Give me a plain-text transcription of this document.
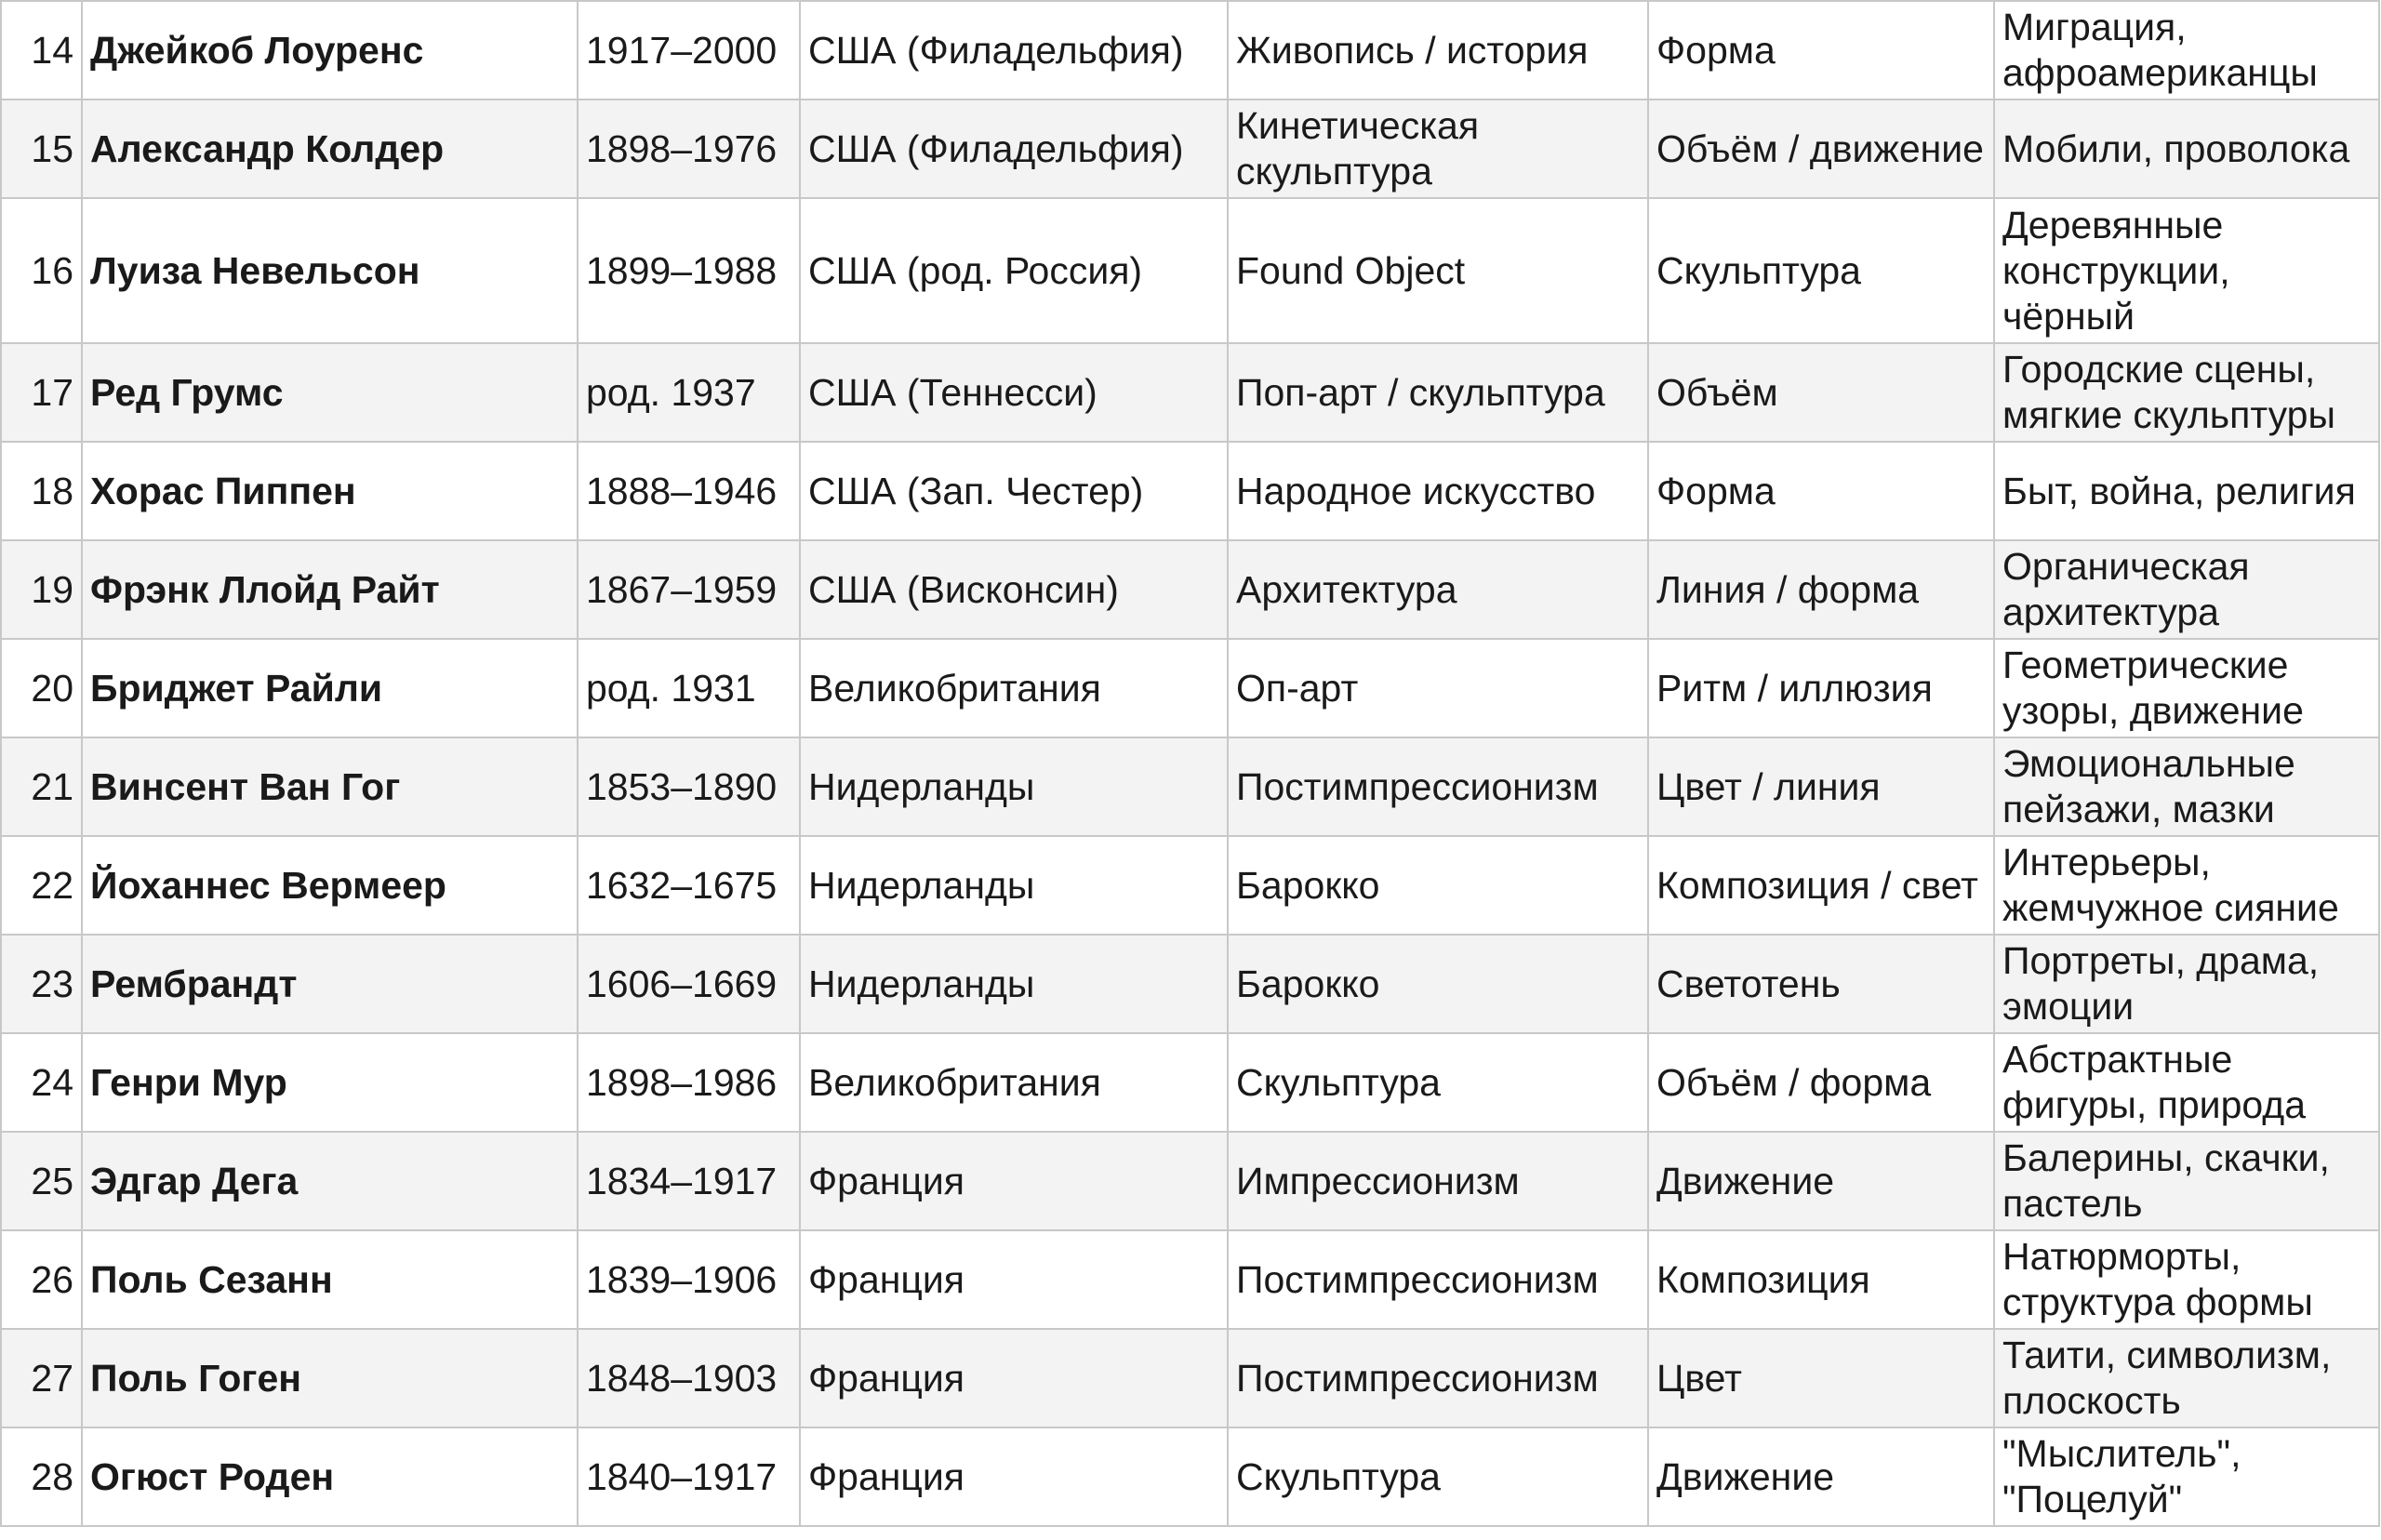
14	Джейкоб Лоуренс	1917–2000	США (Филадельфия)	Живопись / история	Форма	Миграция, афроамериканцы
15	Александр Колдер	1898–1976	США (Филадельфия)	Кинетическая скульптура	Объём / движение	Мобили, проволока
16	Луиза Невельсон	1899–1988	США (род. Россия)	Found Object	Скульптура	Деревянные конструкции, чёрный
17	Ред Грумс	род. 1937	США (Теннесси)	Поп-арт / скульптура	Объём	Городские сцены, мягкие скульптуры
18	Хорас Пиппен	1888–1946	США (Зап. Честер)	Народное искусство	Форма	Быт, война, религия
19	Фрэнк Ллойд Райт	1867–1959	США (Висконсин)	Архитектура	Линия / форма	Органическая архитектура
20	Бриджет Райли	род. 1931	Великобритания	Оп-арт	Ритм / иллюзия	Геометрические узоры, движение
21	Винсент Ван Гог	1853–1890	Нидерланды	Постимпрессионизм	Цвет / линия	Эмоциональные пейзажи, мазки
22	Йоханнес Вермеер	1632–1675	Нидерланды	Барокко	Композиция / свет	Интерьеры, жемчужное сияние
23	Рембрандт	1606–1669	Нидерланды	Барокко	Светотень	Портреты, драма, эмоции
24	Генри Мур	1898–1986	Великобритания	Скульптура	Объём / форма	Абстрактные фигуры, природа
25	Эдгар Дега	1834–1917	Франция	Импрессионизм	Движение	Балерины, скачки, пастель
26	Поль Сезанн	1839–1906	Франция	Постимпрессионизм	Композиция	Натюрморты, структура формы
27	Поль Гоген	1848–1903	Франция	Постимпрессионизм	Цвет	Таити, символизм, плоскость
28	Огюст Роден	1840–1917	Франция	Скульптура	Движение	"Мыслитель", "Поцелуй"
